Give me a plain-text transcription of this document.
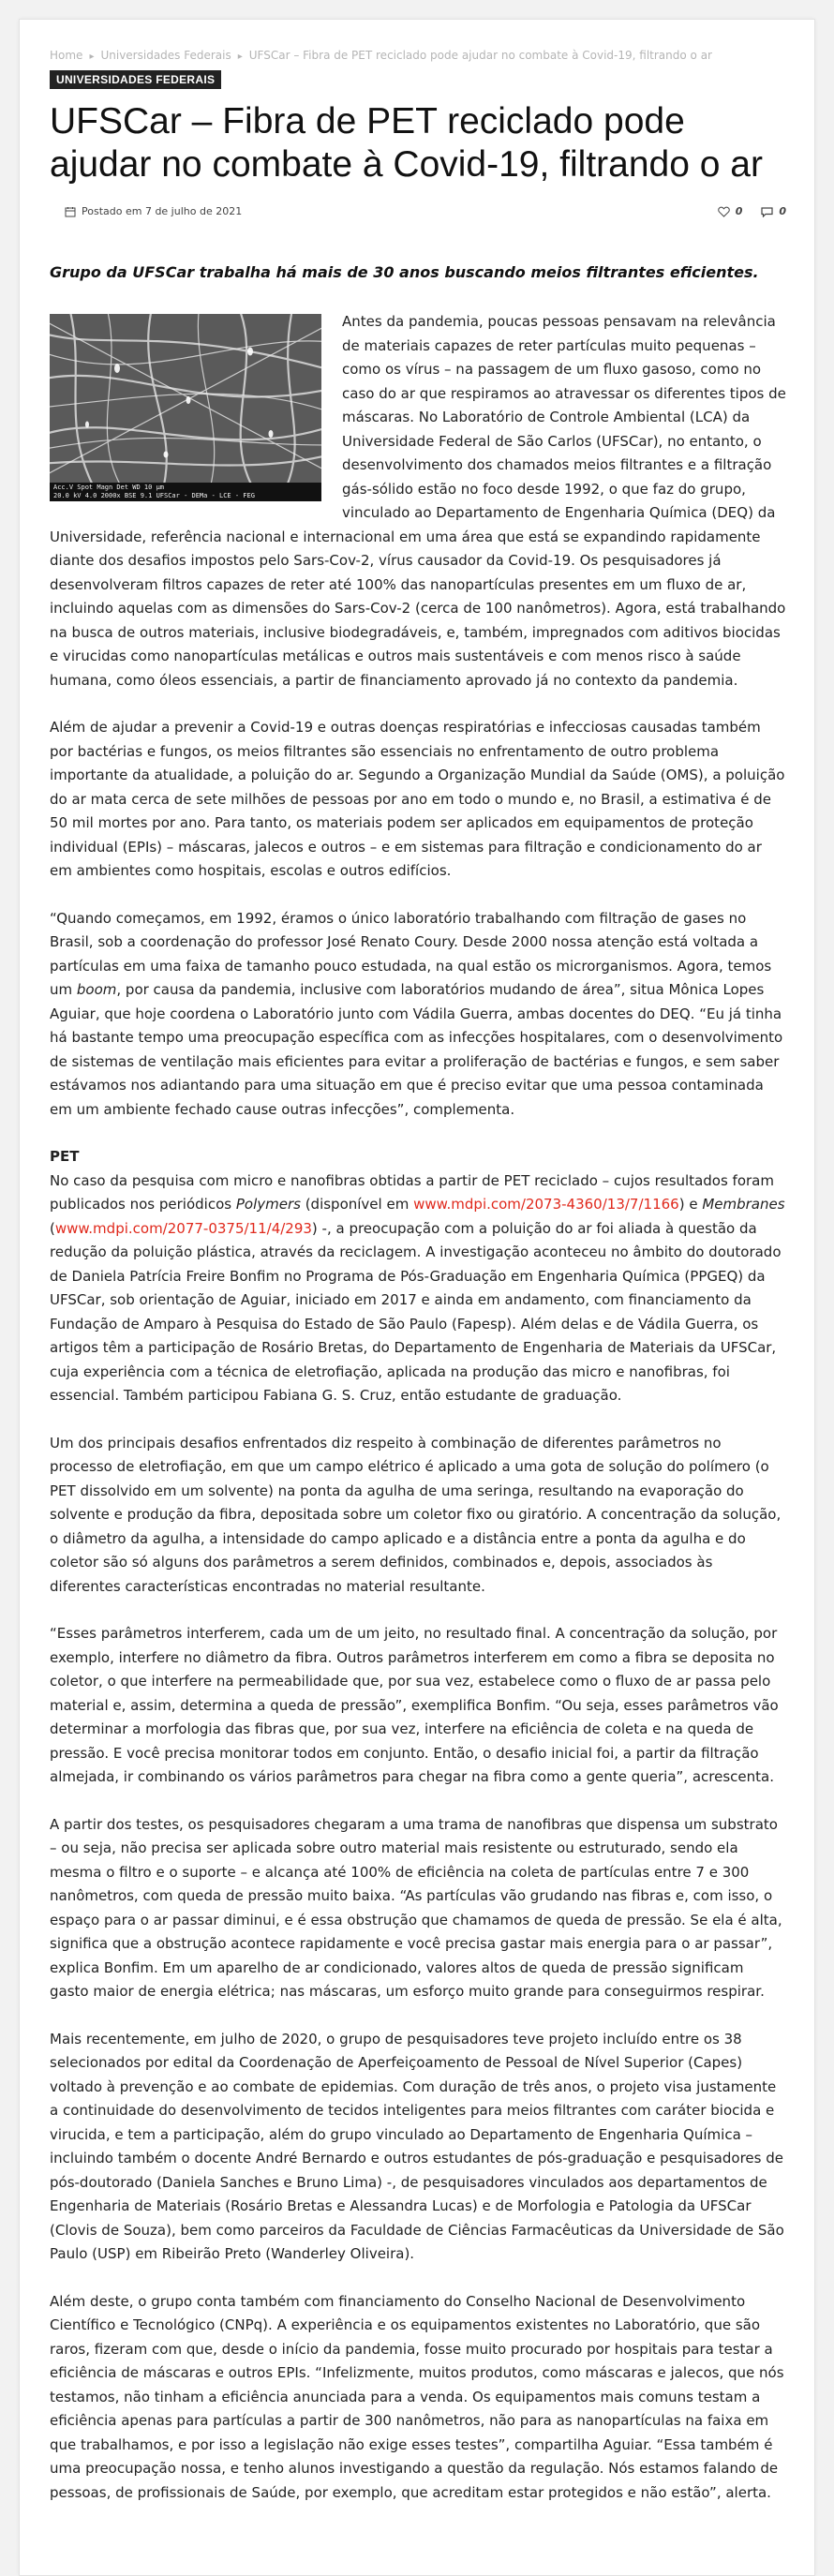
Home ▸ Universidades Federais ▸ UFSCar – Fibra de PET reciclado pode ajudar no combate à Covid-19, filtrando o ar
UNIVERSIDADES FEDERAIS
UFSCar – Fibra de PET reciclado pode ajudar no combate à Covid-19, filtrando o ar
Postado em 7 de julho de 2021	0	0
Grupo da UFSCar trabalha há mais de 30 anos buscando meios filtrantes eficientes.
Acc.V Spot Magn Det WD 10 µm
20.0 kV 4.0 2000x BSE 9.1 UFSCar - DEMa - LCE - FEG

Antes da pandemia, poucas pessoas pensavam na relevância de materiais capazes de reter partículas muito pequenas – como os vírus – na passagem de um fluxo gasoso, como no caso do ar que respiramos ao atravessar os diferentes tipos de máscaras. No Laboratório de Controle Ambiental (LCA) da Universidade Federal de São Carlos (UFSCar), no entanto, o desenvolvimento dos chamados meios filtrantes e a filtração gás-sólido estão no foco desde 1992, o que faz do grupo, vinculado ao Departamento de Engenharia Química (DEQ) da Universidade, referência nacional e internacional em uma área que está se expandindo rapidamente diante dos desafios impostos pelo Sars-Cov-2, vírus causador da Covid-19. Os pesquisadores já desenvolveram filtros capazes de reter até 100% das nanopartículas presentes em um fluxo de ar, incluindo aquelas com as dimensões do Sars-Cov-2 (cerca de 100 nanômetros). Agora, está trabalhando na busca de outros materiais, inclusive biodegradáveis, e, também, impregnados com aditivos biocidas e virucidas como nanopartículas metálicas e outros mais sustentáveis e com menos risco à saúde humana, como óleos essenciais, a partir de financiamento aprovado já no contexto da pandemia.

Além de ajudar a prevenir a Covid-19 e outras doenças respiratórias e infecciosas causadas também por bactérias e fungos, os meios filtrantes são essenciais no enfrentamento de outro problema importante da atualidade, a poluição do ar. Segundo a Organização Mundial da Saúde (OMS), a poluição do ar mata cerca de sete milhões de pessoas por ano em todo o mundo e, no Brasil, a estimativa é de 50 mil mortes por ano. Para tanto, os materiais podem ser aplicados em equipamentos de proteção individual (EPIs) – máscaras, jalecos e outros – e em sistemas para filtração e condicionamento do ar em ambientes como hospitais, escolas e outros edifícios.

“Quando começamos, em 1992, éramos o único laboratório trabalhando com filtração de gases no Brasil, sob a coordenação do professor José Renato Coury. Desde 2000 nossa atenção está voltada a partículas em uma faixa de tamanho pouco estudada, na qual estão os microrganismos. Agora, temos um boom, por causa da pandemia, inclusive com laboratórios mudando de área”, situa Mônica Lopes Aguiar, que hoje coordena o Laboratório junto com Vádila Guerra, ambas docentes do DEQ. “Eu já tinha há bastante tempo uma preocupação específica com as infecções hospitalares, com o desenvolvimento de sistemas de ventilação mais eficientes para evitar a proliferação de bactérias e fungos, e sem saber estávamos nos adiantando para uma situação em que é preciso evitar que uma pessoa contaminada em um ambiente fechado cause outras infecções”, complementa.

PET
No caso da pesquisa com micro e nanofibras obtidas a partir de PET reciclado – cujos resultados foram publicados nos periódicos Polymers (disponível em www.mdpi.com/2073-4360/13/7/1166) e Membranes (www.mdpi.com/2077-0375/11/4/293) -, a preocupação com a poluição do ar foi aliada à questão da redução da poluição plástica, através da reciclagem. A investigação aconteceu no âmbito do doutorado de Daniela Patrícia Freire Bonfim no Programa de Pós-Graduação em Engenharia Química (PPGEQ) da UFSCar, sob orientação de Aguiar, iniciado em 2017 e ainda em andamento, com financiamento da Fundação de Amparo à Pesquisa do Estado de São Paulo (Fapesp). Além delas e de Vádila Guerra, os artigos têm a participação de Rosário Bretas, do Departamento de Engenharia de Materiais da UFSCar, cuja experiência com a técnica de eletrofiação, aplicada na produção das micro e nanofibras, foi essencial. Também participou Fabiana G. S. Cruz, então estudante de graduação.

Um dos principais desafios enfrentados diz respeito à combinação de diferentes parâmetros no processo de eletrofiação, em que um campo elétrico é aplicado a uma gota de solução do polímero (o PET dissolvido em um solvente) na ponta da agulha de uma seringa, resultando na evaporação do solvente e produção da fibra, depositada sobre um coletor fixo ou giratório. A concentração da solução, o diâmetro da agulha, a intensidade do campo aplicado e a distância entre a ponta da agulha e do coletor são só alguns dos parâmetros a serem definidos, combinados e, depois, associados às diferentes características encontradas no material resultante.

“Esses parâmetros interferem, cada um de um jeito, no resultado final. A concentração da solução, por exemplo, interfere no diâmetro da fibra. Outros parâmetros interferem em como a fibra se deposita no coletor, o que interfere na permeabilidade que, por sua vez, estabelece como o fluxo de ar passa pelo material e, assim, determina a queda de pressão”, exemplifica Bonfim. “Ou seja, esses parâmetros vão determinar a morfologia das fibras que, por sua vez, interfere na eficiência de coleta e na queda de pressão. E você precisa monitorar todos em conjunto. Então, o desafio inicial foi, a partir da filtração almejada, ir combinando os vários parâmetros para chegar na fibra como a gente queria”, acrescenta.

A partir dos testes, os pesquisadores chegaram a uma trama de nanofibras que dispensa um substrato – ou seja, não precisa ser aplicada sobre outro material mais resistente ou estruturado, sendo ela mesma o filtro e o suporte – e alcança até 100% de eficiência na coleta de partículas entre 7 e 300 nanômetros, com queda de pressão muito baixa. “As partículas vão grudando nas fibras e, com isso, o espaço para o ar passar diminui, e é essa obstrução que chamamos de queda de pressão. Se ela é alta, significa que a obstrução acontece rapidamente e você precisa gastar mais energia para o ar passar”, explica Bonfim. Em um aparelho de ar condicionado, valores altos de queda de pressão significam gasto maior de energia elétrica; nas máscaras, um esforço muito grande para conseguirmos respirar.

Mais recentemente, em julho de 2020, o grupo de pesquisadores teve projeto incluído entre os 38 selecionados por edital da Coordenação de Aperfeiçoamento de Pessoal de Nível Superior (Capes) voltado à prevenção e ao combate de epidemias. Com duração de três anos, o projeto visa justamente a continuidade do desenvolvimento de tecidos inteligentes para meios filtrantes com caráter biocida e virucida, e tem a participação, além do grupo vinculado ao Departamento de Engenharia Química – incluindo também o docente André Bernardo e outros estudantes de pós-graduação e pesquisadores de pós-doutorado (Daniela Sanches e Bruno Lima) -, de pesquisadores vinculados aos departamentos de Engenharia de Materiais (Rosário Bretas e Alessandra Lucas) e de Morfologia e Patologia da UFSCar (Clovis de Souza), bem como parceiros da Faculdade de Ciências Farmacêuticas da Universidade de São Paulo (USP) em Ribeirão Preto (Wanderley Oliveira).

Além deste, o grupo conta também com financiamento do Conselho Nacional de Desenvolvimento Científico e Tecnológico (CNPq). A experiência e os equipamentos existentes no Laboratório, que são raros, fizeram com que, desde o início da pandemia, fosse muito procurado por hospitais para testar a eficiência de máscaras e outros EPIs. “Infelizmente, muitos produtos, como máscaras e jalecos, que nós testamos, não tinham a eficiência anunciada para a venda. Os equipamentos mais comuns testam a eficiência apenas para partículas a partir de 300 nanômetros, não para as nanopartículas na faixa em que trabalhamos, e por isso a legislação não exige esses testes”, compartilha Aguiar. “Essa também é uma preocupação nossa, e tenho alunos investigando a questão da regulação. Nós estamos falando de pessoas, de profissionais de Saúde, por exemplo, que acreditam estar protegidos e não estão”, alerta.
